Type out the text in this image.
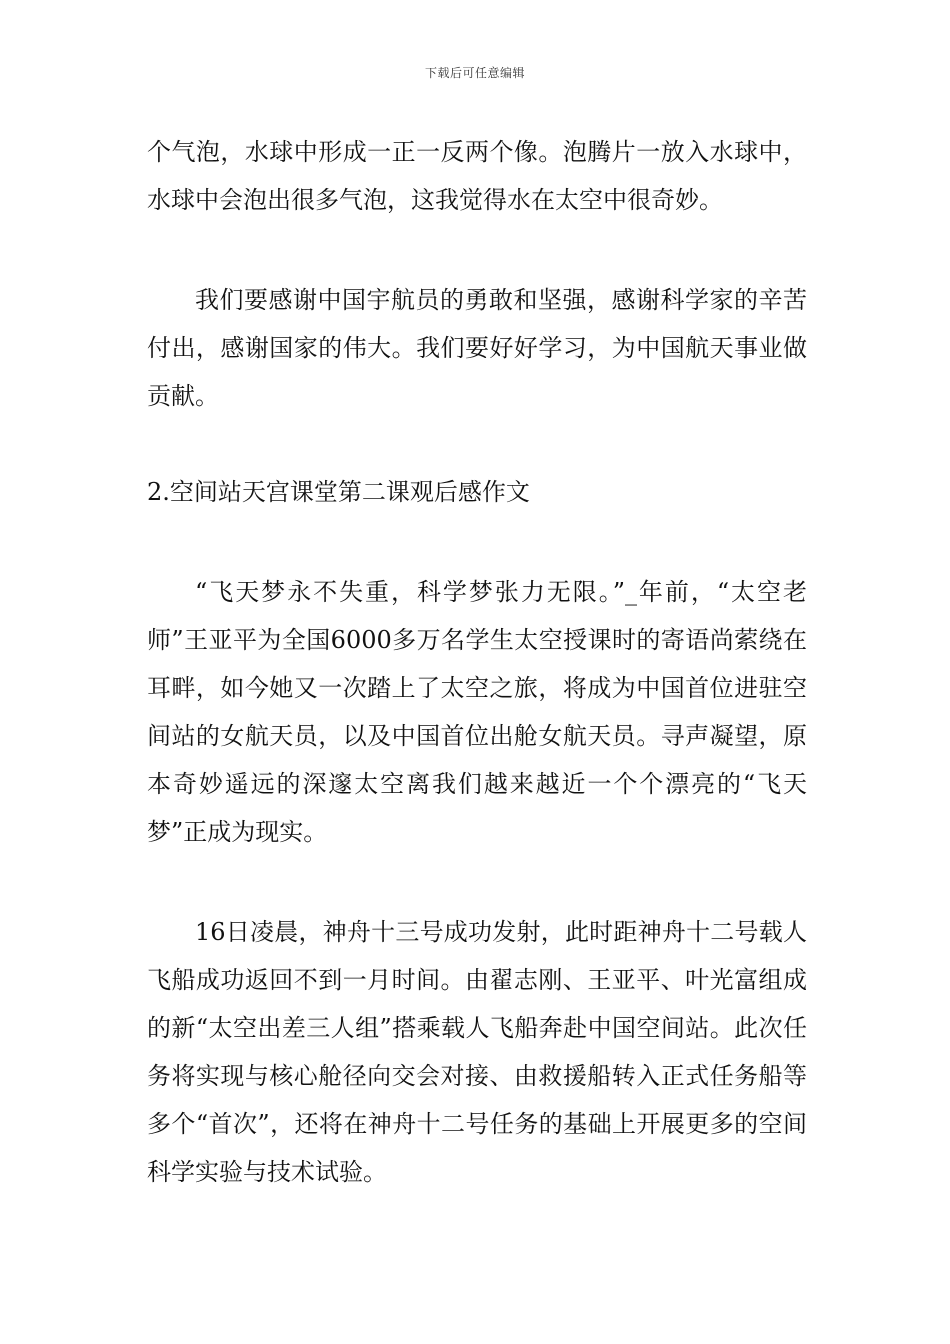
下载后可任意编辑

个气泡，水球中形成一正一反两个像。泡腾片一放入水球中，水球中会泡出很多气泡，这我觉得水在太空中很奇妙。

我们要感谢中国宇航员的勇敢和坚强，感谢科学家的辛苦付出，感谢国家的伟大。我们要好好学习，为中国航天事业做贡献。

2.空间站天宫课堂第二课观后感作文

“飞天梦永不失重，科学梦张力无限。”_年前，“太空老师”王亚平为全国6000多万名学生太空授课时的寄语尚萦绕在耳畔，如今她又一次踏上了太空之旅，将成为中国首位进驻空间站的女航天员，以及中国首位出舱女航天员。寻声凝望，原本奇妙遥远的深邃太空离我们越来越近一个个漂亮的“飞天梦”正成为现实。

16日凌晨，神舟十三号成功发射，此时距神舟十二号载人飞船成功返回不到一月时间。由翟志刚、王亚平、叶光富组成的新“太空出差三人组”搭乘载人飞船奔赴中国空间站。此次任务将实现与核心舱径向交会对接、由救援船转入正式任务船等多个“首次”，还将在神舟十二号任务的基础上开展更多的空间科学实验与技术试验。
